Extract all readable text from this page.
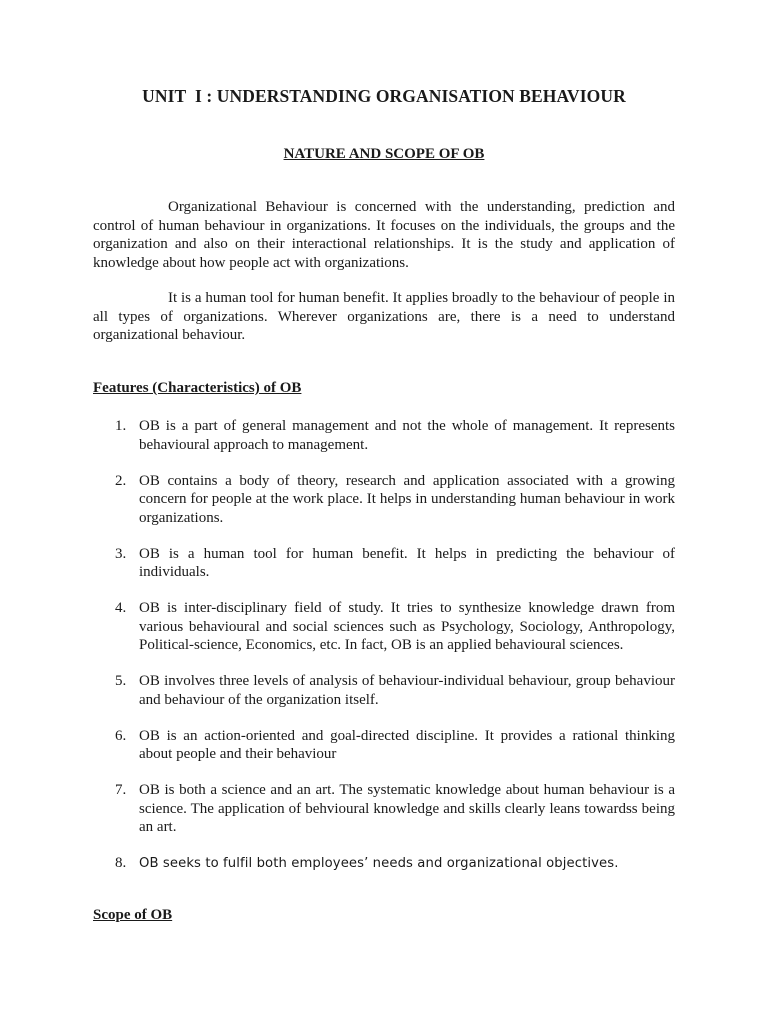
UNIT  I : UNDERSTANDING ORGANISATION BEHAVIOUR
NATURE AND SCOPE OF OB

Organizational Behaviour is concerned with the understanding, prediction and control of human behaviour in organizations. It focuses on the individuals, the groups and the organization and also on their interactional relationships. It is the study and application of knowledge about how people act with organizations.

It is a human tool for human benefit. It applies broadly to the behaviour of people in all types of organizations. Wherever organizations are, there is a need to understand organizational behaviour.

Features (Characteristics) of OB
1. OB is a part of general management and not the whole of management. It represents behavioural approach to management.
2. OB contains a body of theory, research and application associated with a growing concern for people at the work place. It helps in understanding human behaviour in work organizations.
3. OB is a human tool for human benefit. It helps in predicting the behaviour of individuals.
4. OB is inter-disciplinary field of study. It tries to synthesize knowledge drawn from various behavioural and social sciences such as Psychology, Sociology, Anthropology, Political-science, Economics, etc. In fact, OB is an applied behavioural sciences.
5. OB involves three levels of analysis of behaviour-individual behaviour, group behaviour and behaviour of the organization itself.
6. OB is an action-oriented and goal-directed discipline. It provides a rational thinking about people and their behaviour
7. OB is both a science and an art. The systematic knowledge about human behaviour is a science. The application of behvioural knowledge and skills clearly leans towardss being an art.
8. OB seeks to fulfil both employees’ needs and organizational objectives.
Scope of OB
